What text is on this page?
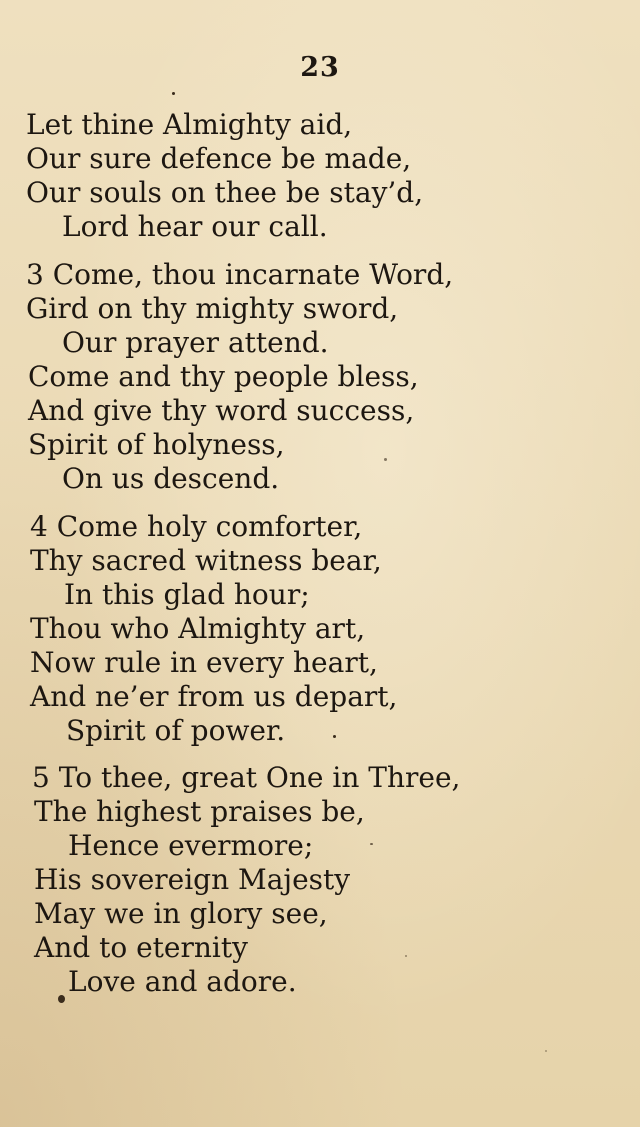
23
Let thine Almighty aid,
Our sure defence be made,
Our souls on thee be stay’d,
Lord hear our call.
3 Come, thou incarnate Word,
Gird on thy mighty sword,
Our prayer attend.
Come and thy people bless,
And give thy word success,
Spirit of holyness,
On us descend.
4 Come holy comforter,
Thy sacred witness bear,
In this glad hour;
Thou who Almighty art,
Now rule in every heart,
And ne’er from us depart,
Spirit of power.
5 To thee, great One in Three,
The highest praises be,
Hence evermore;
His sovereign Majesty
May we in glory see,
And to eternity
Love and adore.
